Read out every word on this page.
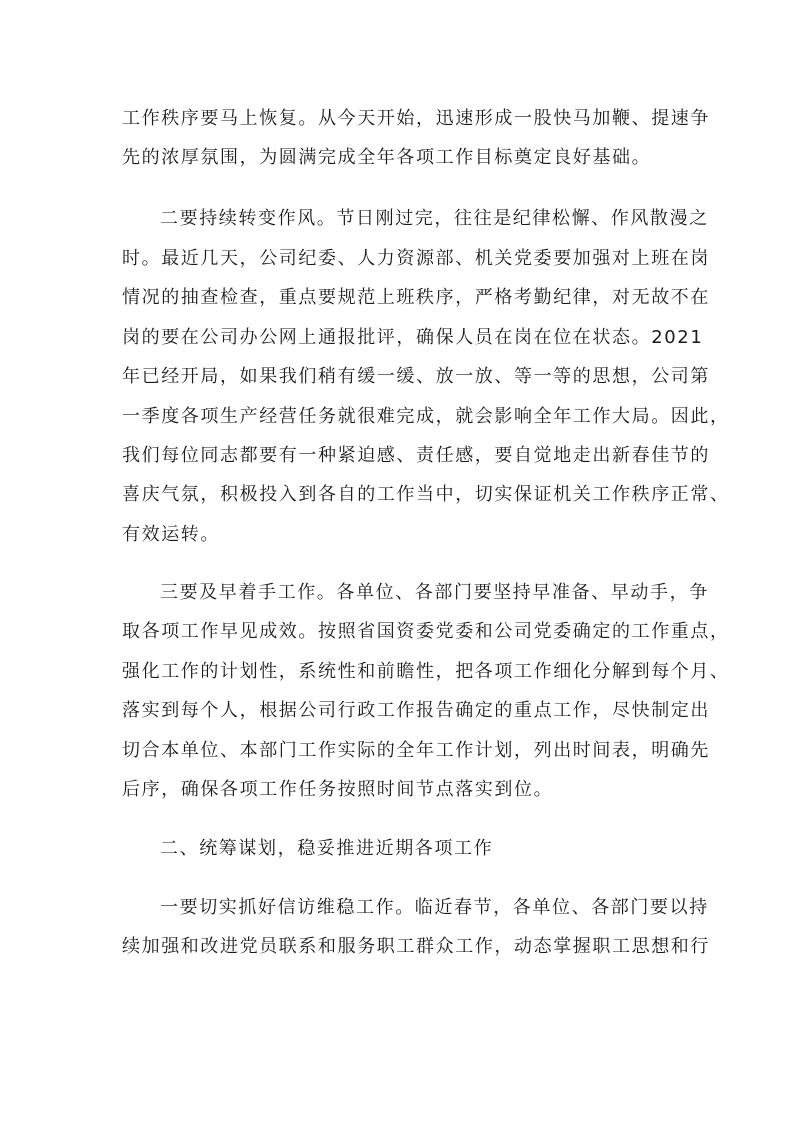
工作秩序要马上恢复。从今天开始，迅速形成一股快马加鞭、提速争
先的浓厚氛围，为圆满完成全年各项工作目标奠定良好基础。
二要持续转变作风。节日刚过完，往往是纪律松懈、作风散漫之
时。最近几天，公司纪委、人力资源部、机关党委要加强对上班在岗
情况的抽查检查，重点要规范上班秩序，严格考勤纪律，对无故不在
岗的要在公司办公网上通报批评，确保人员在岗在位在状态。2021
年已经开局，如果我们稍有缓一缓、放一放、等一等的思想，公司第
一季度各项生产经营任务就很难完成，就会影响全年工作大局。因此，
我们每位同志都要有一种紧迫感、责任感，要自觉地走出新春佳节的
喜庆气氛，积极投入到各自的工作当中，切实保证机关工作秩序正常、
有效运转。
三要及早着手工作。各单位、各部门要坚持早准备、早动手，争
取各项工作早见成效。按照省国资委党委和公司党委确定的工作重点，
强化工作的计划性，系统性和前瞻性，把各项工作细化分解到每个月、
落实到每个人，根据公司行政工作报告确定的重点工作，尽快制定出
切合本单位、本部门工作实际的全年工作计划，列出时间表，明确先
后序，确保各项工作任务按照时间节点落实到位。
二、统筹谋划，稳妥推进近期各项工作
一要切实抓好信访维稳工作。临近春节，各单位、各部门要以持
续加强和改进党员联系和服务职工群众工作，动态掌握职工思想和行
